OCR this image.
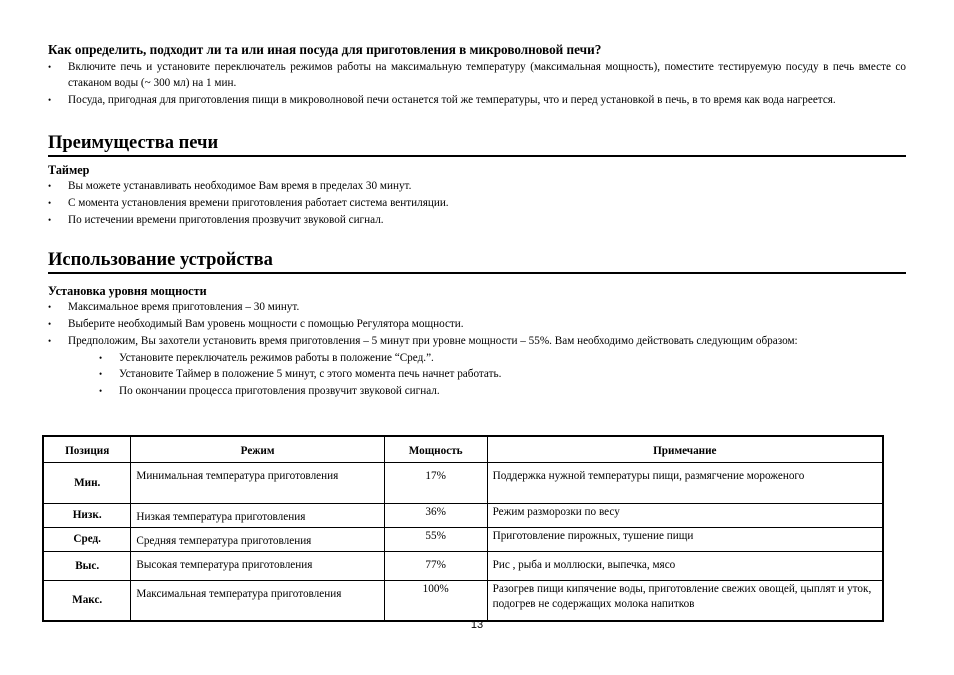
Как определить, подходит ли та или иная посуда для приготовления в микроволновой печи?
• Включите печь и установите переключатель режимов работы на максимальную температуру (максимальная мощность), поместите тестируемую посуду в печь вместе со стаканом воды (~ 300 мл) на 1 мин.
• Посуда, пригодная для приготовления пищи в микроволновой печи останется той же температуры, что и перед установкой в печь, в то время как вода нагреется.
Преимущества печи
Таймер
• Вы можете устанавливать необходимое Вам время в пределах 30 минут.
• С момента установления времени приготовления работает система вентиляции.
• По истечении времени приготовления прозвучит звуковой сигнал.
Использование устройства
Установка уровня мощности
• Максимальное время приготовления – 30 минут.
• Выберите необходимый Вам уровень мощности с помощью Регулятора мощности.
• Предположим, Вы захотели установить время приготовления – 5 минут при уровне мощности – 55%. Вам необходимо действовать следующим образом:
• Установите переключатель режимов работы в положение “Сред.”.
• Установите Таймер в положение 5 минут, с этого момента печь начнет работать.
• По окончании процесса приготовления прозвучит звуковой сигнал.
Позиция	Режим	Мощность	Примечание
Мин.	Минимальная температура приготовления	17%	Поддержка нужной температуры пищи, размягчение мороженого
Низк.	Низкая температура приготовления	36%	Режим разморозки по весу
Сред.	Средняя температура приготовления	55%	Приготовление пирожных, тушение пищи
Выс.	Высокая температура приготовления	77%	Рис , рыба и моллюски, выпечка, мясо
Макс.	Максимальная температура приготовления	100%	Разогрев пищи кипячение воды, приготовление свежих овощей, цыплят и уток, подогрев не содержащих молока напитков
13
